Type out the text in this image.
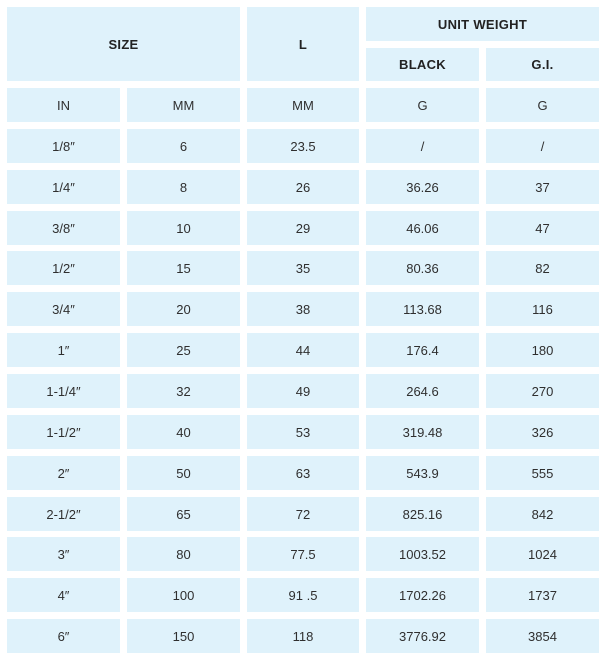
SIZE	L
UNIT WEIGHT
BLACK	G.I.
IN	MM	MM	G	G
1/8″	6	23.5	/	/
1/4″	8	26	36.26	37
3/8″	10	29	46.06	47
1/2″	15	35	80.36	82
3/4″	20	38	113.68	116
1″	25	44	176.4	180
1-1/4″	32	49	264.6	270
1-1/2″	40	53	319.48	326
2″	50	63	543.9	555
2-1/2″	65	72	825.16	842
3″	80	77.5	1003.52	1024
4″	100	91 .5	1702.26	1737
6″	150	118	3776.92	3854
